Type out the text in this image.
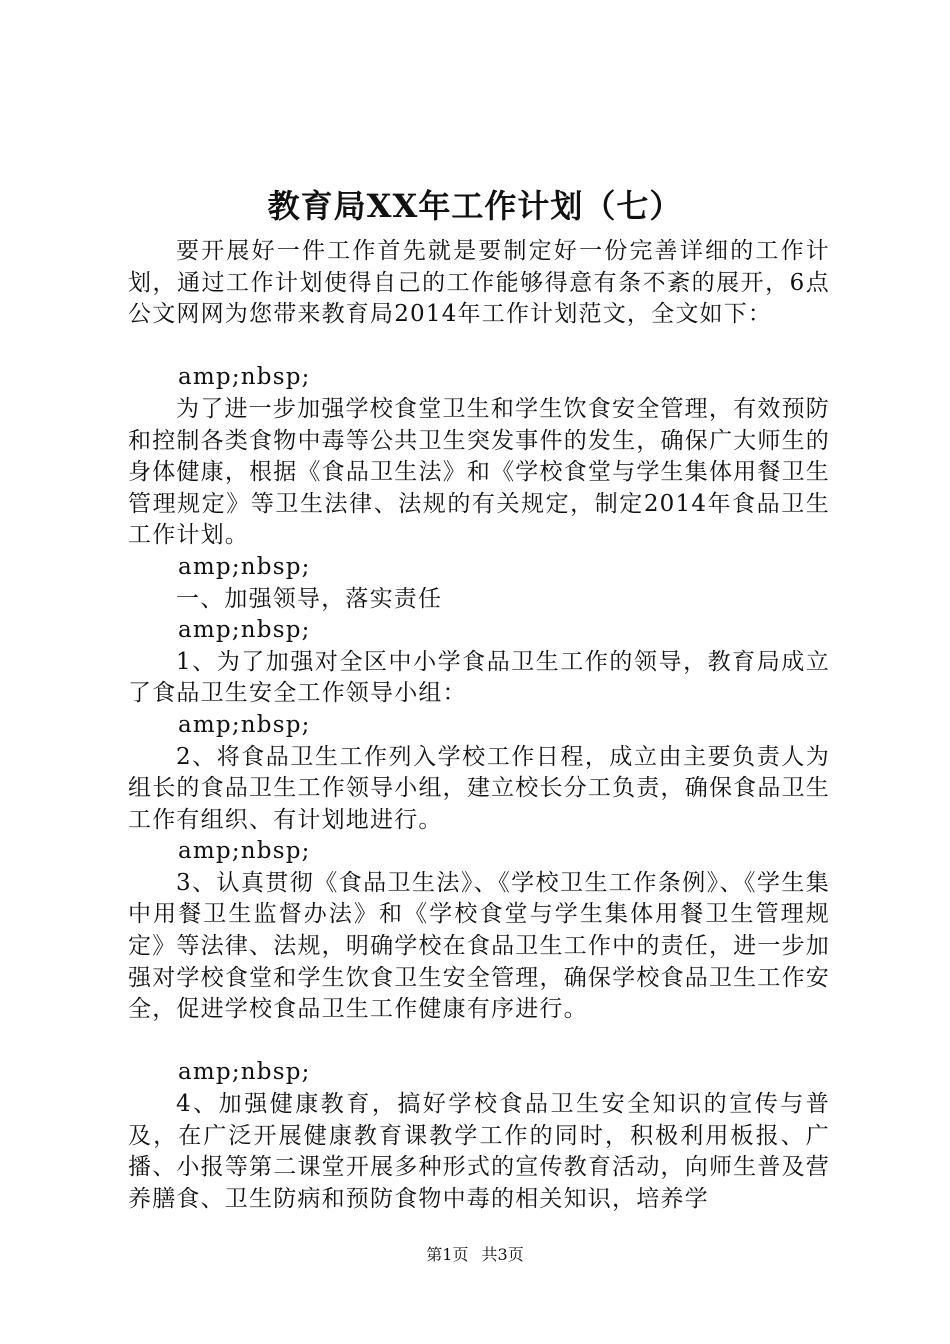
教育局XX年工作计划（七）

要开展好一件工作首先就是要制定好一份完善详细的工作计划，通过工作计划使得自己的工作能够得意有条不紊的展开，6点公文网网为您带来教育局2014年工作计划范文，全文如下：

amp;nbsp;

为了进一步加强学校食堂卫生和学生饮食安全管理，有效预防和控制各类食物中毒等公共卫生突发事件的发生，确保广大师生的身体健康，根据《食品卫生法》和《学校食堂与学生集体用餐卫生管理规定》等卫生法律、法规的有关规定，制定2014年食品卫生工作计划。

amp;nbsp;

一、加强领导，落实责任

amp;nbsp;

1、为了加强对全区中小学食品卫生工作的领导，教育局成立了食品卫生安全工作领导小组：

amp;nbsp;

2、将食品卫生工作列入学校工作日程，成立由主要负责人为组长的食品卫生工作领导小组，建立校长分工负责，确保食品卫生工作有组织、有计划地进行。

amp;nbsp;

3、认真贯彻《食品卫生法》、《学校卫生工作条例》、《学生集中用餐卫生监督办法》和《学校食堂与学生集体用餐卫生管理规定》等法律、法规，明确学校在食品卫生工作中的责任，进一步加强对学校食堂和学生饮食卫生安全管理，确保学校食品卫生工作安全，促进学校食品卫生工作健康有序进行。

amp;nbsp;

4、加强健康教育，搞好学校食品卫生安全知识的宣传与普及，在广泛开展健康教育课教学工作的同时，积极利用板报、广播、小报等第二课堂开展多种形式的宣传教育活动，向师生普及营养膳食、卫生防病和预防食物中毒的相关知识，培养学

第1页 共3页
